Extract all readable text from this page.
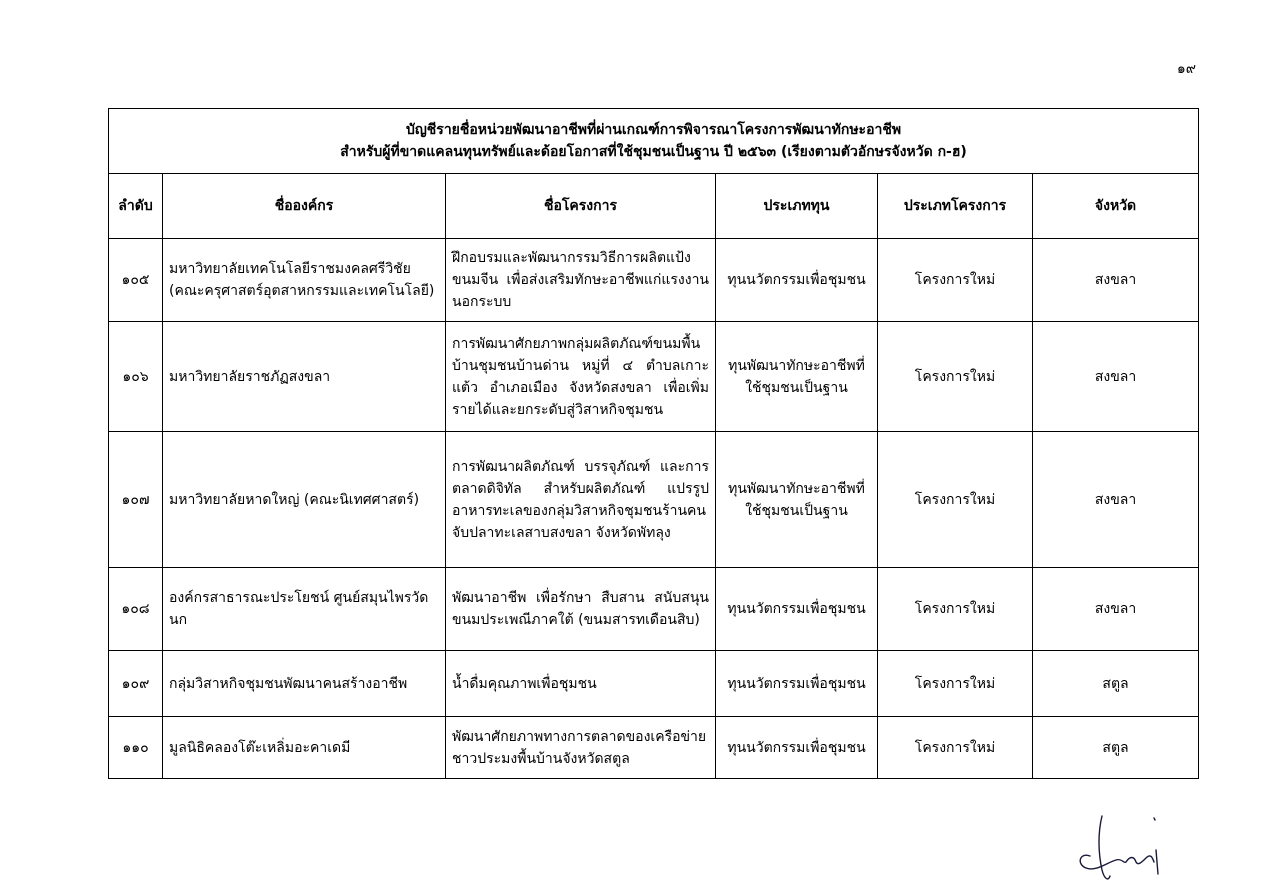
๑๙
บัญชีรายชื่อหน่วยพัฒนาอาชีพที่ผ่านเกณฑ์การพิจารณาโครงการพัฒนาทักษะอาชีพ
สำหรับผู้ที่ขาดแคลนทุนทรัพย์และด้อยโอกาสที่ใช้ชุมชนเป็นฐาน ปี ๒๕๖๓ (เรียงตามตัวอักษรจังหวัด ก-ฮ)					

ลำดับ	ชื่อองค์กร	ชื่อโครงการ	ประเภททุน	ประเภทโครงการ	จังหวัด
๑๐๕	มหาวิทยาลัยเทคโนโลยีราชมงคลศรีวิชัย (คณะครุศาสตร์อุตสาหกรรมและเทคโนโลยี)	ฝึกอบรมและพัฒนากรรมวิธีการผลิตแป้งขนมจีน เพื่อส่งเสริมทักษะอาชีพแก่แรงงานนอกระบบ	ทุนนวัตกรรมเพื่อชุมชน	โครงการใหม่	สงขลา
๑๐๖	มหาวิทยาลัยราชภัฏสงขลา	การพัฒนาศักยภาพกลุ่มผลิตภัณฑ์ขนมพื้นบ้านชุมชนบ้านด่าน หมู่ที่ ๔ ตำบลเกาะแต้ว อำเภอเมือง จังหวัดสงขลา เพื่อเพิ่มรายได้และยกระดับสู่วิสาหกิจชุมชน	ทุนพัฒนาทักษะอาชีพที่ใช้ชุมชนเป็นฐาน	โครงการใหม่	สงขลา
๑๐๗	มหาวิทยาลัยหาดใหญ่ (คณะนิเทศศาสตร์)	การพัฒนาผลิตภัณฑ์ บรรจุภัณฑ์ และการตลาดดิจิทัล สำหรับผลิตภัณฑ์ แปรรูปอาหารทะเลของกลุ่มวิสาหกิจชุมชนร้านคนจับปลาทะเลสาบสงขลา จังหวัดพัทลุง	ทุนพัฒนาทักษะอาชีพที่ใช้ชุมชนเป็นฐาน	โครงการใหม่	สงขลา
๑๐๘	องค์กรสาธารณะประโยชน์ ศูนย์สมุนไพรวัดนก	พัฒนาอาชีพ เพื่อรักษา สืบสาน สนับสนุน ขนมประเพณีภาคใต้ (ขนมสารทเดือนสิบ)	ทุนนวัตกรรมเพื่อชุมชน	โครงการใหม่	สงขลา
๑๐๙	กลุ่มวิสาหกิจชุมชนพัฒนาคนสร้างอาชีพ	น้ำดื่มคุณภาพเพื่อชุมชน	ทุนนวัตกรรมเพื่อชุมชน	โครงการใหม่	สตูล
๑๑๐	มูลนิธิคลองโต๊ะเหลิ่มอะคาเดมี	พัฒนาศักยภาพทางการตลาดของเครือข่ายชาวประมงพื้นบ้านจังหวัดสตูล	ทุนนวัตกรรมเพื่อชุมชน	โครงการใหม่	สตูล
